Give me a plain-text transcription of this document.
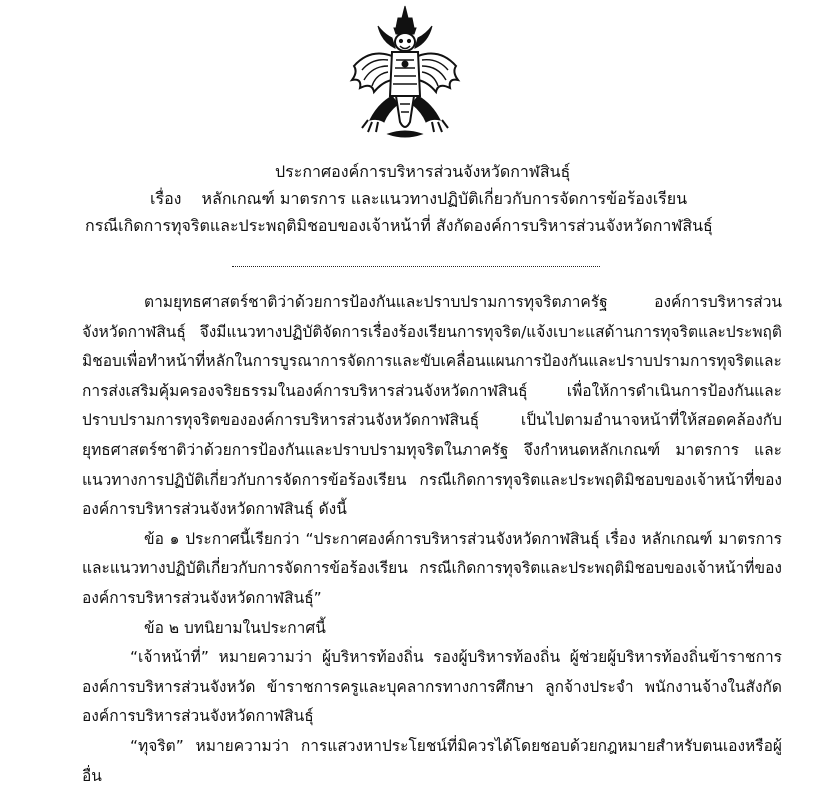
ประกาศองค์การบริหารส่วนจังหวัดกาฬสินธุ์
เรื่อง หลักเกณฑ์ มาตรการ และแนวทางปฏิบัติเกี่ยวกับการจัดการข้อร้องเรียน
กรณีเกิดการทุจริตและประพฤติมิชอบของเจ้าหน้าที่ สังกัดองค์การบริหารส่วนจังหวัดกาฬสินธุ์

ตามยุทธศาสตร์ชาติว่าด้วยการป้องกันและปราบปรามการทุจริตภาครัฐ องค์การบริหารส่วนจังหวัดกาฬสินธุ์ จึงมีแนวทางปฏิบัติจัดการเรื่องร้องเรียนการทุจริต/แจ้งเบาะแสด้านการทุจริตและประพฤติมิชอบเพื่อทำหน้าที่หลักในการบูรณาการจัดการและขับเคลื่อนแผนการป้องกันและปราบปรามการทุจริตและการส่งเสริมคุ้มครองจริยธรรมในองค์การบริหารส่วนจังหวัดกาฬสินธุ์ เพื่อให้การดำเนินการป้องกันและปราบปรามการทุจริตขององค์การบริหารส่วนจังหวัดกาฬสินธุ์ เป็นไปตามอำนาจหน้าที่ให้สอดคล้องกับยุทธศาสตร์ชาติว่าด้วยการป้องกันและปราบปรามทุจริตในภาครัฐ จึงกำหนดหลักเกณฑ์ มาตรการ และแนวทางการปฏิบัติเกี่ยวกับการจัดการข้อร้องเรียน กรณีเกิดการทุจริตและประพฤติมิชอบของเจ้าหน้าที่ขององค์การบริหารส่วนจังหวัดกาฬสินธุ์ ดังนี้

ข้อ ๑ ประกาศนี้เรียกว่า “ประกาศองค์การบริหารส่วนจังหวัดกาฬสินธุ์ เรื่อง หลักเกณฑ์ มาตรการ และแนวทางปฏิบัติเกี่ยวกับการจัดการข้อร้องเรียน กรณีเกิดการทุจริตและประพฤติมิชอบของเจ้าหน้าที่ขององค์การบริหารส่วนจังหวัดกาฬสินธุ์”

ข้อ ๒ บทนิยามในประกาศนี้

“เจ้าหน้าที่” หมายความว่า ผู้บริหารท้องถิ่น รองผู้บริหารท้องถิ่น ผู้ช่วยผู้บริหารท้องถิ่นข้าราชการองค์การบริหารส่วนจังหวัด ข้าราชการครูและบุคลากรทางการศึกษา ลูกจ้างประจำ พนักงานจ้างในสังกัดองค์การบริหารส่วนจังหวัดกาฬสินธุ์

“ทุจริต” หมายความว่า การแสวงหาประโยชน์ที่มิควรได้โดยชอบด้วยกฎหมายสำหรับตนเองหรือผู้อื่น
